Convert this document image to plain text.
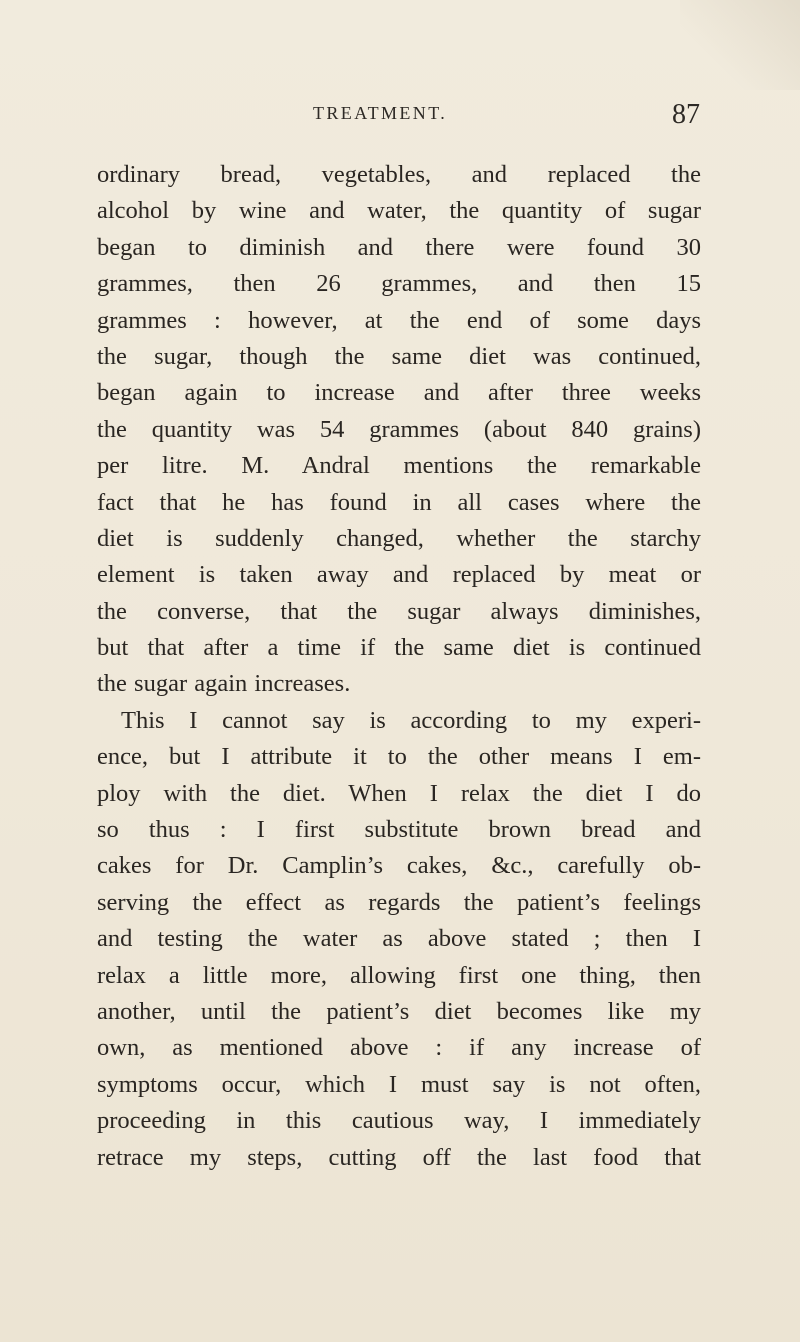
TREATMENT.	87
ordinary bread, vegetables, and replaced the
alcohol by wine and water, the quantity of sugar
began to diminish and there were found 30
grammes, then 26 grammes, and then 15
grammes : however, at the end of some days
the sugar, though the same diet was continued,
began again to increase and after three weeks
the quantity was 54 grammes (about 840 grains)
per litre. M. Andral mentions the remarkable
fact that he has found in all cases where the
diet is suddenly changed, whether the starchy
element is taken away and replaced by meat or
the converse, that the sugar always diminishes,
but that after a time if the same diet is continued
the sugar again increases.
This I cannot say is according to my experi-
ence, but I attribute it to the other means I em-
ploy with the diet. When I relax the diet I do
so thus : I first substitute brown bread and
cakes for Dr. Camplin’s cakes, &c., carefully ob-
serving the effect as regards the patient’s feelings
and testing the water as above stated ; then I
relax a little more, allowing first one thing, then
another, until the patient’s diet becomes like my
own, as mentioned above : if any increase of
symptoms occur, which I must say is not often,
proceeding in this cautious way, I immediately
retrace my steps, cutting off the last food that
